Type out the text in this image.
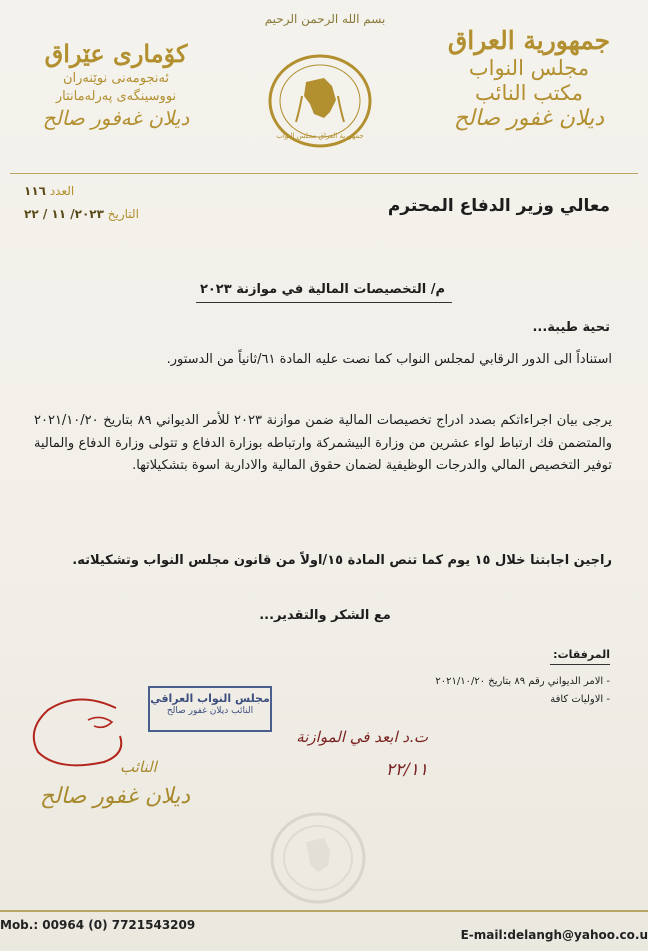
بسم الله الرحمن الرحيم
جمهورية العراق
مجلس النواب
مكتب النائب
ديلان غفور صالح
كۆماری عێراق
ئەنجومەنی نوێنەران
نووسینگەی پەرلەمانتار
دیلان غەفور صالح
جمهورية العراق مجلس النواب
العدد ١١٦
التاريخ ٢٠٢٣/ ١١ / ٢٢	معالي وزير الدفاع المحترم
م/ التخصيصات المالية في موازنة ٢٠٢٣
تحية طيبة...
استناداً الى الدور الرقابي لمجلس النواب كما نصت عليه المادة ٦١/ثانياً من الدستور.
يرجى بيان اجراءاتكم بصدد ادراج تخصيصات المالية ضمن موازنة ٢٠٢٣ للأمر الديواني ٨٩ بتاريخ ٢٠٢١/١٠/٢٠ والمتضمن فك ارتباط لواء عشرين من وزارة البيشمركة وارتباطه بوزارة الدفاع و تتولى وزارة الدفاع والمالية توفير التخصيص المالي والدرجات الوظيفية لضمان حقوق المالية والادارية اسوة بتشكيلاتها.
راجين اجابتنا خلال ١٥ يوم كما تنص المادة ١٥/اولاً من قانون مجلس النواب وتشكيلاته.
مع الشكر والتقدير...
المرفقات:
- الامر الديواني رقم ٨٩ بتاريخ ٢٠٢١/١٠/٢٠
- الاوليات كافة
مجلس النواب العراقي
النائب ديلان غفور صالح
ت.د ابعد في الموازنة
٢٢/١١
النائب
ديلان غفور صالح
Mob.: 00964 (0) 7721543209
E-mail:delangh@yahoo.co.u
